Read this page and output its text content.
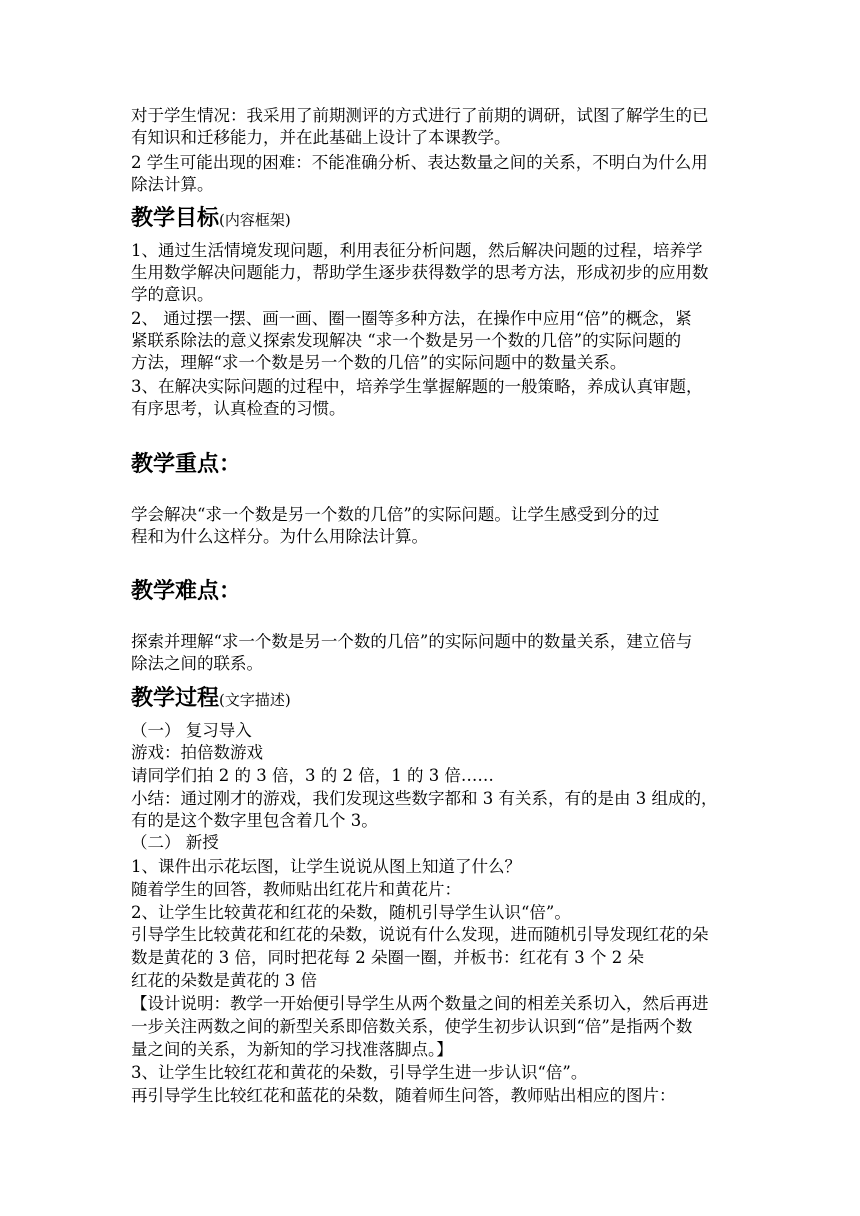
对于学生情况：我采用了前期测评的方式进行了前期的调研，试图了解学生的已
有知识和迁移能力，并在此基础上设计了本课教学。
2 学生可能出现的困难：不能准确分析、表达数量之间的关系，不明白为什么用
除法计算。
教学目标(内容框架)
1、通过生活情境发现问题，利用表征分析问题，然后解决问题的过程，培养学
生用数学解决问题能力，帮助学生逐步获得数学的思考方法，形成初步的应用数
学的意识。
2、 通过摆一摆、画一画、圈一圈等多种方法，在操作中应用“倍”的概念，紧
紧联系除法的意义探索发现解决 “求一个数是另一个数的几倍”的实际问题的
方法，理解“求一个数是另一个数的几倍”的实际问题中的数量关系。
3、在解决实际问题的过程中，培养学生掌握解题的一般策略，养成认真审题，
有序思考，认真检查的习惯。
教学重点：
学会解决“求一个数是另一个数的几倍”的实际问题。让学生感受到分的过
程和为什么这样分。为什么用除法计算。
教学难点：
探索并理解“求一个数是另一个数的几倍”的实际问题中的数量关系，建立倍与
除法之间的联系。
教学过程(文字描述)
（一） 复习导入
游戏：拍倍数游戏
请同学们拍 2 的 3 倍，3 的 2 倍，1 的 3 倍……
小结：通过刚才的游戏，我们发现这些数字都和 3 有关系，有的是由 3 组成的，
有的是这个数字里包含着几个 3。
（二） 新授
1、课件出示花坛图，让学生说说从图上知道了什么？
随着学生的回答，教师贴出红花片和黄花片：
2、让学生比较黄花和红花的朵数，随机引导学生认识“倍”。
引导学生比较黄花和红花的朵数，说说有什么发现，进而随机引导发现红花的朵
数是黄花的 3 倍，同时把花每 2 朵圈一圈，并板书：红花有 3 个 2 朵
红花的朵数是黄花的 3 倍
【设计说明：教学一开始便引导学生从两个数量之间的相差关系切入，然后再进
一步关注两数之间的新型关系即倍数关系，使学生初步认识到“倍”是指两个数
量之间的关系，为新知的学习找准落脚点。】
3、让学生比较红花和黄花的朵数，引导学生进一步认识“倍”。
再引导学生比较红花和蓝花的朵数，随着师生问答，教师贴出相应的图片：
